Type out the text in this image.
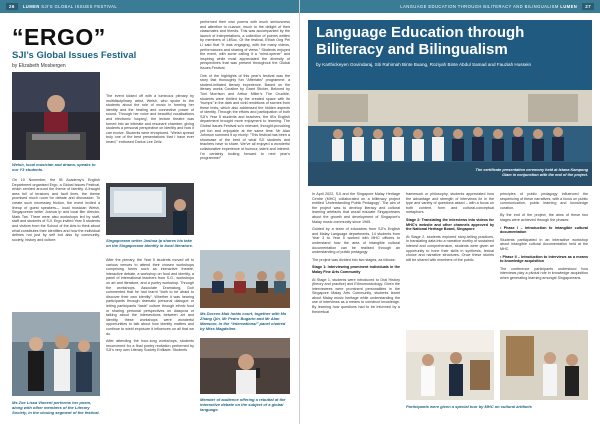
26	LUMEN SJI'S GLOBAL ISSUES FESTIVAL
“ERGO”
SJI’s Global Issues Festival
by Elizabeth Mosbergen
Welsh, local musician and drama, speaks to our Y3 students.

On 10 November, the IB Academy’s English Department organised Ergo, a Global Issues Festival, which centred around the theme of identity. A fraught area full of tensions and fault lines, the theme promised much room for debate and discussion. To create such necessary friction, the event invited a lineup of guest speakers— local musician Welsh, Singaporean writer Joshua Ip and local film director, Mark Tan. There were also workshops led by staff, staff and students of SJI. Ergo invited Year 5 students and visitors from the School of the Arts to think about what constitutes their identities and how the individual defines not just by self but also by community, society, history and culture.

Ms Zoe Lissa Vincent performs her poem, along with other members of the Literary Society, in the closing segment of the festival.

The event kicked off with a luminous plenary by multidisciplinary artist, Welsh, who spoke to the students about the role of music in forming her identity and the healing and connective power of sound. Through her voice and beautiful vocalisations and electronic ‘looping’, the lecture theatre was turned into an intimate and resonant chamber, giving students a personal perspective on identity and how it can evolve. Students were enraptured. “Welsh spread truly one of the best presentations that I have ever heard,” enthused Darius Lee Zeliz.

Singaporean writer Joshua Ip shares his take on the Singaporean identity in local literature.

After the plenary, the Year 5 students moved off to various venues to attend their chosen workshops comprising forms such as interactive theatre, interactive debate, a workshop on food and identity, a panel of international teachers from S.G., workshops on art and literature, and a poetry workshop. Through the workshops, Associate Dramaturg, Goh commented that he had learnt “both to be afraid to discover their own identity”. Whether it was hearing participants through dramatic personal dialogue or letting participants “taste” culture through ethnic food or sharing personal perspectives on diaspora or talking about the intersections between art and identity, these workshops were wonderful opportunities to talk about how identity matters and continue to wield exposure it influences on all that we do.

After attending the hour-long workshops, students reconvened for a final poetry recitation performed by SJI’s very own Literary Society Enfilade. Students

performed their own poems with much seriousness and attention to nuance, much to the delight of their classmates and friends. This was accompanied by the launch of Interpretations, a collection of poems written by members of LitSoc. Of the festival, Ethan Ong Pei Li said that “It was engaging, with the many videos, performances and sharing of views.” Students enjoyed the event, with some calling it a “mind-opener” and inspiring while most appreciated the diversity of perspectives that was present throughout the Global Issues Festival.

One of the highlights of this year’s festival was the story fast thoroughly fun “Afterlabs” programme, a student-initiated literary experience. Based on the literary works Coraline by Grant Sticker, Beloved by Toni Morrison and Arthur Miller’s The Crucible, students were thrilled by the created space with its “bumps” in the dark and vivid renditions of scenes from these texts, which also addressed the hidden aspects of identity. Through the efforts and participation of both SJI’s Year 5 students and teachers, the IB’s English department brought more enjoyment to learning. The Global Issues Festival so’s relevant, thought-provoking yet fun and enjoyable at the same time. Mr Alan Johnson summed it up nicely: “This festival has been a showcase of the best of what SJI students and teachers have to share. We’ve all enjoyed a wonderful collaborative experience of humour, talent and interest. I’m certainly looking forward to next year’s programme!”

Ms Doreen Mak holds court, together with Ms Zhang Qin, Mr Pedro Bugarin and Mr Alan Mansoor, in the “International” panel chaired by Miss Magdeline.
Member of audience offering a rebuttal at the interactive debate on the subject of a global language.
LANGUAGE EDUCATION THROUGH BILITERACY AND BILINGUALISM LUMEN	27
Language Education through Biliteracy and Bilingualism
by Karthickeyen Govindaraj, Siti Rahimah Binte Buang, Roziyah Binte Abdul Samad and Fauziah Hussein
The certificate presentation ceremony held at Istana Kampong Glam in conjunction with the end of the project.

In April 2022, SJI and the Singapore Malay Heritage Centre (MHC) collaborated on a biliteracy project entitled ‘Understanding Public Pedagogy’. The aim of the project was to develop literacy and cultural learning artefacts that would educate Singaporeans about the growth and development of Singapore’s Malay music community since 1965.

Guided by a team of educators from SJI’s English and Malay Language departments, 14 students from Year 3 to Year 5 worked with MHC officers to understand how the area of intangible cultural documentation can be realised through an understanding of public pedagogy.

The project was divided into two stages, as follows:

Stage 1: Interviewing prominent individuals in the Malay Fine Arts Community

At Stage 1, students were introduced to Oral History (theory and practice) and Ethnomusicology. Given the interviewees were prominent personalities in the Singapore Malay Arts Community, students learnt about Malay music heritage while understanding the use of interviews as a means to construct knowledge. By learning how questions had to be informed by a theoretical

framework or philosophy, students appreciated how the advantage and strength of interviews lie in the type and variety of questions asked – with a focus on both content, form and cultural-conceptual metaphors.

Stage 2: Translating the interviews into videos for MHC’s website and other channels approved by the National Heritage Board, Singapore

At Stage 2, students explored story-telling practices. In translating data into a narrative worthy of sustained interest and comprehension, students were given an opportunity to hone their skills in synthesis, lexical choice and narrative structures. Once these stories will be shared with members of the public.

principles of public pedagogy influenced the sequencing of these narratives, with a focus on public communication, public learning and knowledge curation.

By the end of the project, the aims of these two stages were achieved through the phases:

• Phase I – Introduction to intangible cultural documentation

Students participated in an interactive workshop about intangible cultural documentation held at the MHC.

• Phase II – Introduction to interviews as a means to knowledge acquisition

The conference participants understood how interviews play a pivotal role in knowledge acquisition when generating learning amongst Singaporeans.

Participants were given a special tour by MHC on cultural artifacts
